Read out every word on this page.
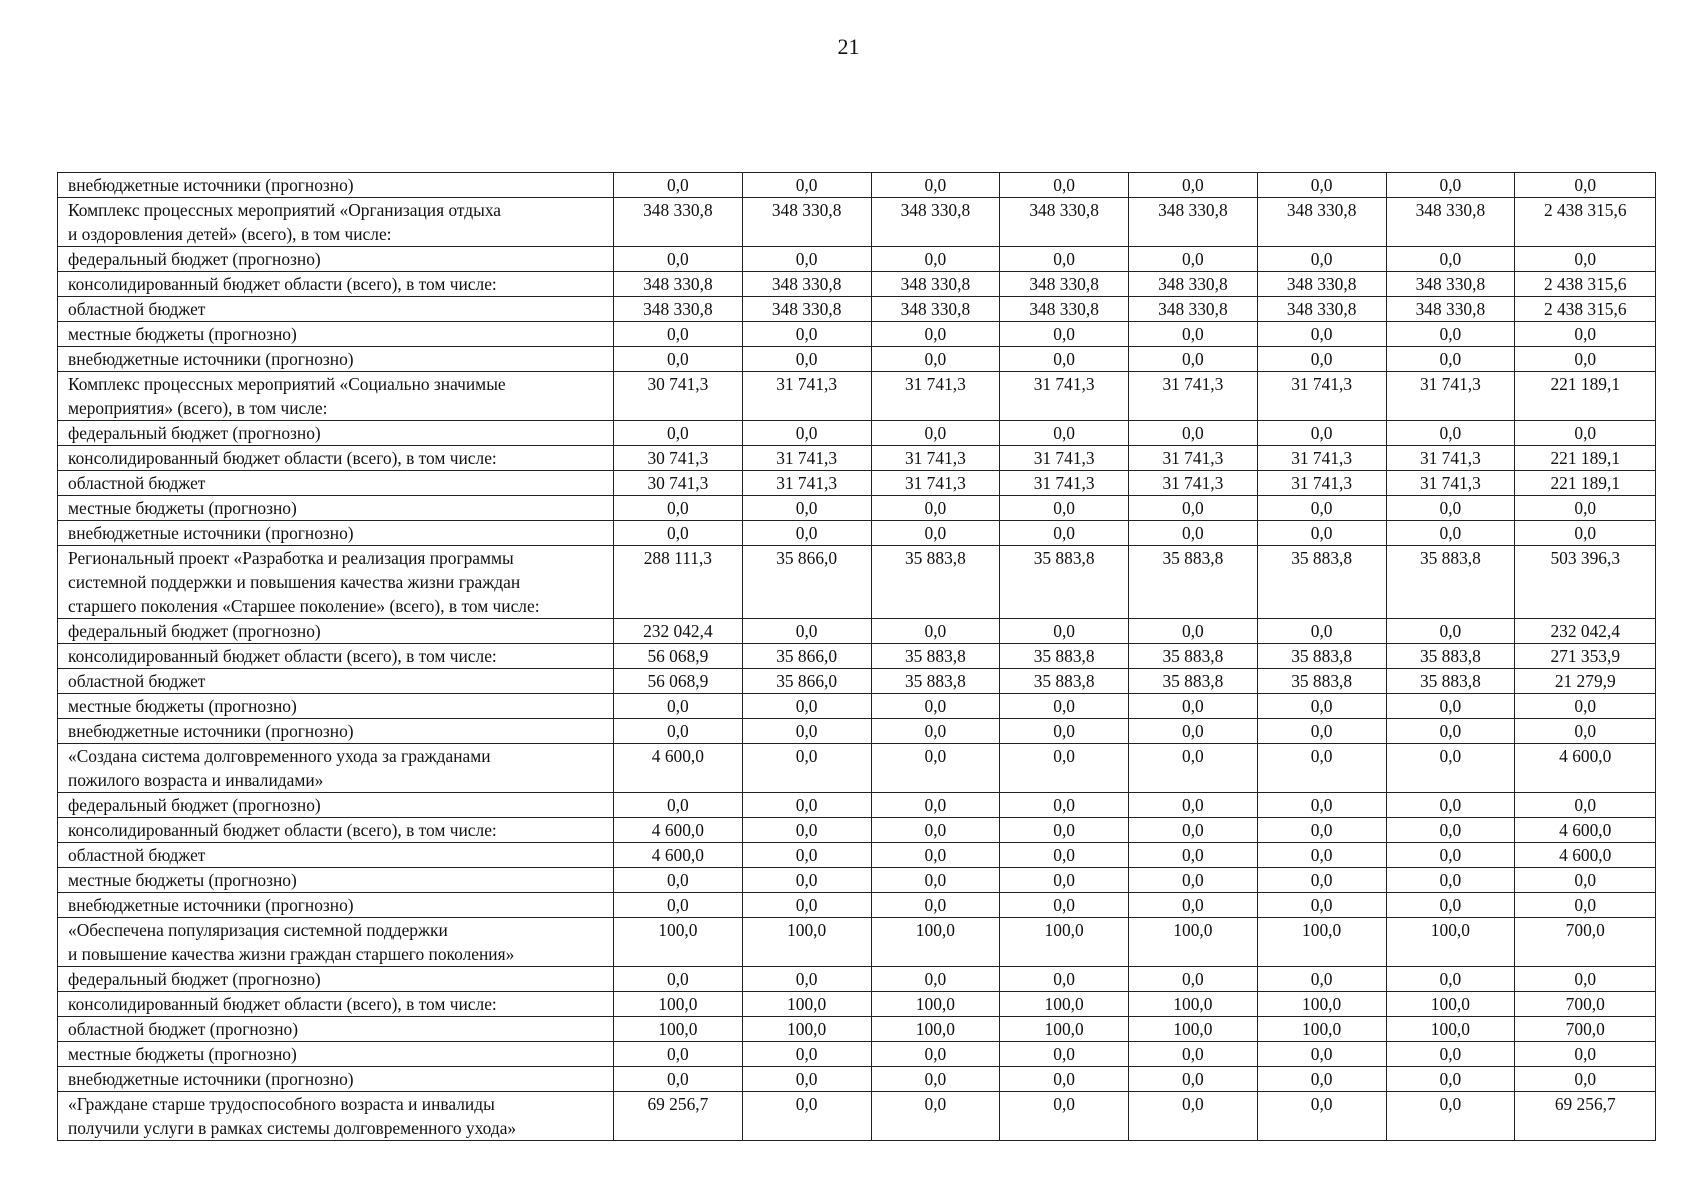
21
внебюджетные источники (прогнозно)	0,0	0,0	0,0	0,0	0,0	0,0	0,0	0,0
Комплекс процессных мероприятий «Организация отдыха
и оздоровления детей» (всего), в том числе:	348 330,8	348 330,8	348 330,8	348 330,8	348 330,8	348 330,8	348 330,8	2 438 315,6
федеральный бюджет (прогнозно)	0,0	0,0	0,0	0,0	0,0	0,0	0,0	0,0
консолидированный бюджет области (всего), в том числе:	348 330,8	348 330,8	348 330,8	348 330,8	348 330,8	348 330,8	348 330,8	2 438 315,6
областной бюджет	348 330,8	348 330,8	348 330,8	348 330,8	348 330,8	348 330,8	348 330,8	2 438 315,6
местные бюджеты (прогнозно)	0,0	0,0	0,0	0,0	0,0	0,0	0,0	0,0
внебюджетные источники (прогнозно)	0,0	0,0	0,0	0,0	0,0	0,0	0,0	0,0
Комплекс процессных мероприятий «Социально значимые
мероприятия» (всего), в том числе:	30 741,3	31 741,3	31 741,3	31 741,3	31 741,3	31 741,3	31 741,3	221 189,1
федеральный бюджет (прогнозно)	0,0	0,0	0,0	0,0	0,0	0,0	0,0	0,0
консолидированный бюджет области (всего), в том числе:	30 741,3	31 741,3	31 741,3	31 741,3	31 741,3	31 741,3	31 741,3	221 189,1
областной бюджет	30 741,3	31 741,3	31 741,3	31 741,3	31 741,3	31 741,3	31 741,3	221 189,1
местные бюджеты (прогнозно)	0,0	0,0	0,0	0,0	0,0	0,0	0,0	0,0
внебюджетные источники (прогнозно)	0,0	0,0	0,0	0,0	0,0	0,0	0,0	0,0
Региональный проект «Разработка и реализация программы
системной поддержки и повышения качества жизни граждан
старшего поколения «Старшее поколение» (всего), в том числе:	288 111,3	35 866,0	35 883,8	35 883,8	35 883,8	35 883,8	35 883,8	503 396,3
федеральный бюджет (прогнозно)	232 042,4	0,0	0,0	0,0	0,0	0,0	0,0	232 042,4
консолидированный бюджет области (всего), в том числе:	56 068,9	35 866,0	35 883,8	35 883,8	35 883,8	35 883,8	35 883,8	271 353,9
областной бюджет	56 068,9	35 866,0	35 883,8	35 883,8	35 883,8	35 883,8	35 883,8	21 279,9
местные бюджеты (прогнозно)	0,0	0,0	0,0	0,0	0,0	0,0	0,0	0,0
внебюджетные источники (прогнозно)	0,0	0,0	0,0	0,0	0,0	0,0	0,0	0,0
«Создана система долговременного ухода за гражданами
пожилого возраста и инвалидами»	4 600,0	0,0	0,0	0,0	0,0	0,0	0,0	4 600,0
федеральный бюджет (прогнозно)	0,0	0,0	0,0	0,0	0,0	0,0	0,0	0,0
консолидированный бюджет области (всего), в том числе:	4 600,0	0,0	0,0	0,0	0,0	0,0	0,0	4 600,0
областной бюджет	4 600,0	0,0	0,0	0,0	0,0	0,0	0,0	4 600,0
местные бюджеты (прогнозно)	0,0	0,0	0,0	0,0	0,0	0,0	0,0	0,0
внебюджетные источники (прогнозно)	0,0	0,0	0,0	0,0	0,0	0,0	0,0	0,0
«Обеспечена популяризация системной поддержки
и повышение качества жизни граждан старшего поколения»	100,0	100,0	100,0	100,0	100,0	100,0	100,0	700,0
федеральный бюджет (прогнозно)	0,0	0,0	0,0	0,0	0,0	0,0	0,0	0,0
консолидированный бюджет области (всего), в том числе:	100,0	100,0	100,0	100,0	100,0	100,0	100,0	700,0
областной бюджет (прогнозно)	100,0	100,0	100,0	100,0	100,0	100,0	100,0	700,0
местные бюджеты (прогнозно)	0,0	0,0	0,0	0,0	0,0	0,0	0,0	0,0
внебюджетные источники (прогнозно)	0,0	0,0	0,0	0,0	0,0	0,0	0,0	0,0
«Граждане старше трудоспособного возраста и инвалиды
получили услуги в рамках системы долговременного ухода»	69 256,7	0,0	0,0	0,0	0,0	0,0	0,0	69 256,7
